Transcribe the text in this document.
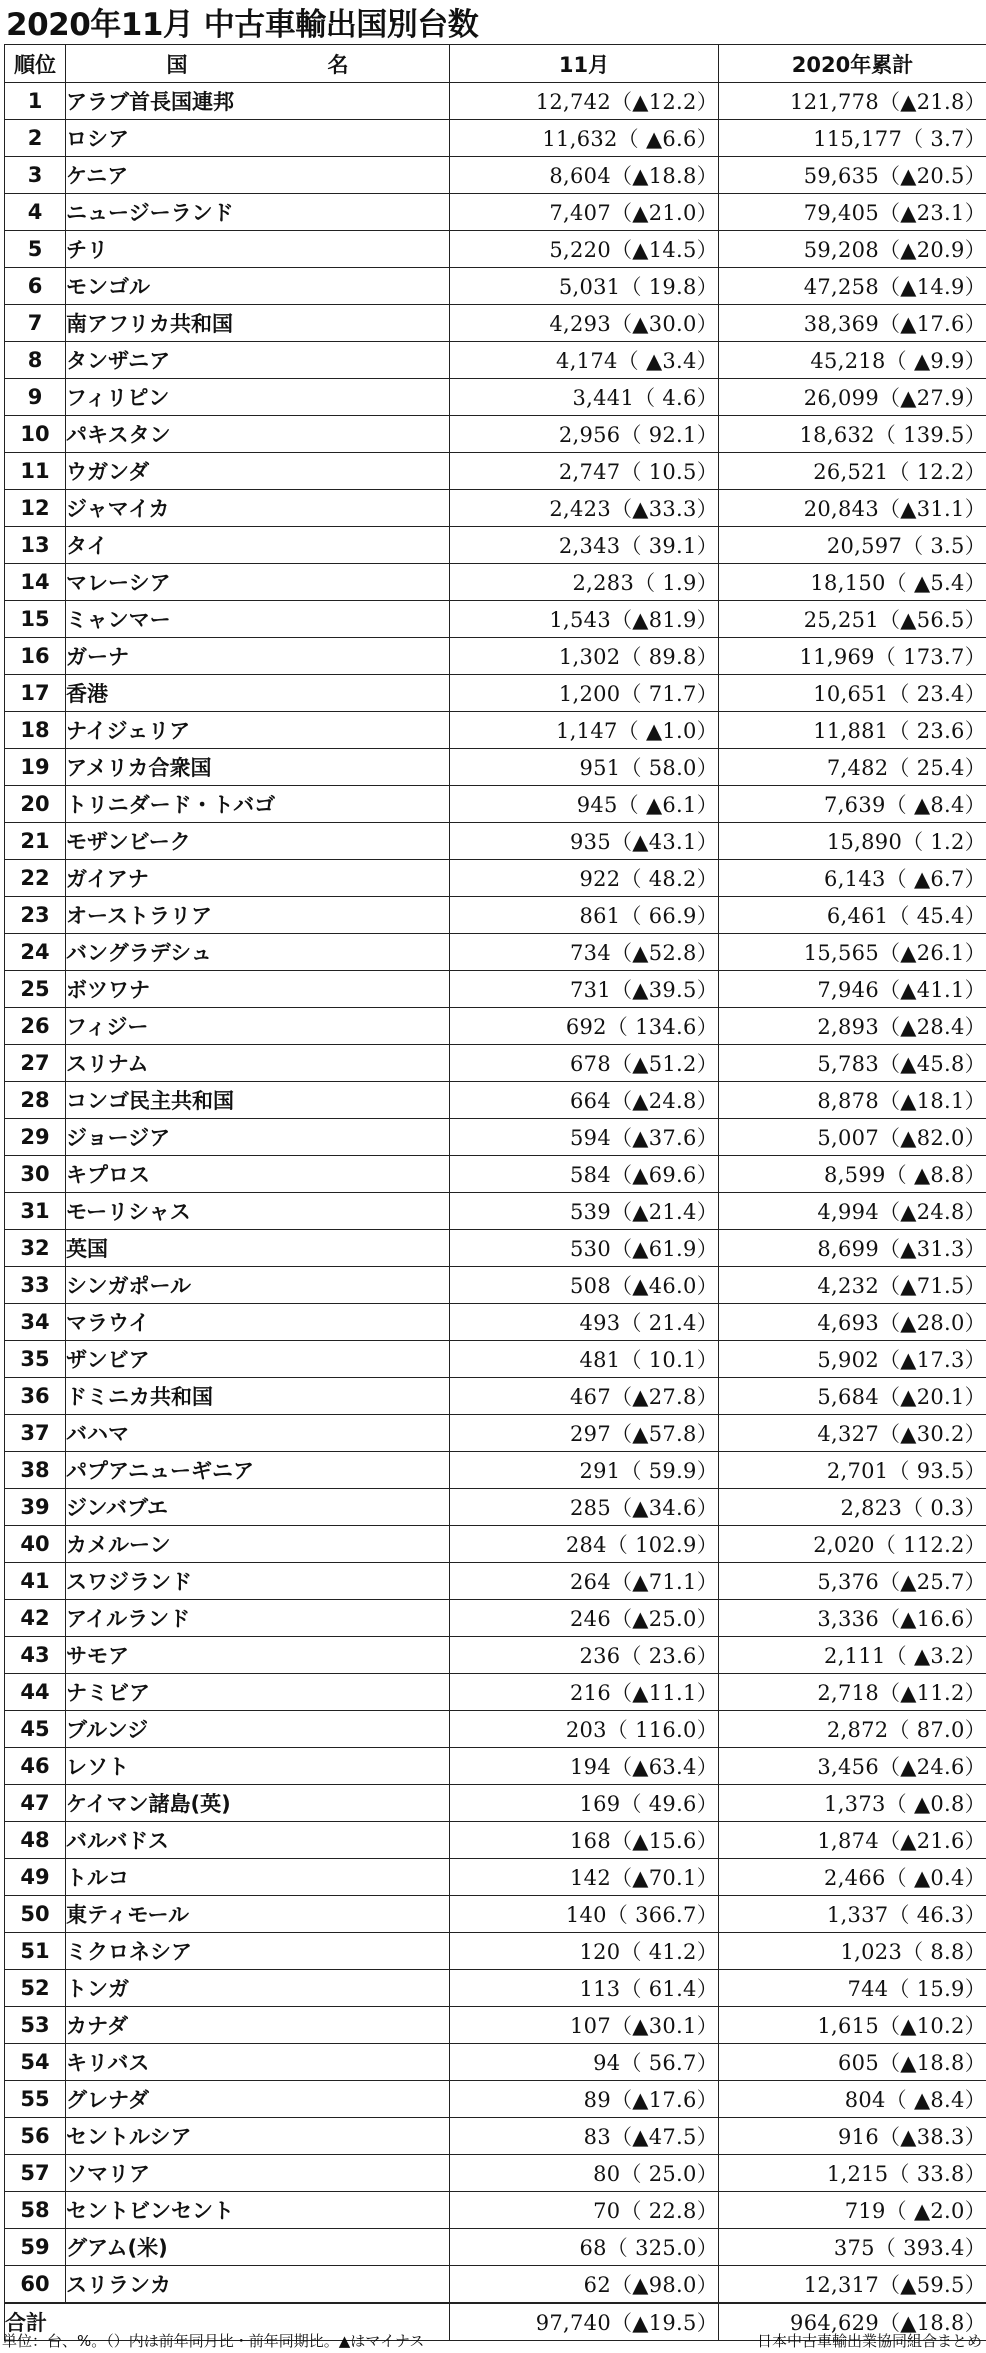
2020年11月 中古車輸出国別台数
順位	国 名	11月	2020年累計
1	アラブ首長国連邦	12,742（▲12.2）	121,778（▲21.8）
2	ロシア	11,632（ ▲6.6）	115,177（ 3.7）
3	ケニア	8,604（▲18.8）	59,635（▲20.5）
4	ニュージーランド	7,407（▲21.0）	79,405（▲23.1）
5	チリ	5,220（▲14.5）	59,208（▲20.9）
6	モンゴル	5,031（ 19.8）	47,258（▲14.9）
7	南アフリカ共和国	4,293（▲30.0）	38,369（▲17.6）
8	タンザニア	4,174（ ▲3.4）	45,218（ ▲9.9）
9	フィリピン	3,441（ 4.6）	26,099（▲27.9）
10	パキスタン	2,956（ 92.1）	18,632（ 139.5）
11	ウガンダ	2,747（ 10.5）	26,521（ 12.2）
12	ジャマイカ	2,423（▲33.3）	20,843（▲31.1）
13	タイ	2,343（ 39.1）	20,597（ 3.5）
14	マレーシア	2,283（ 1.9）	18,150（ ▲5.4）
15	ミャンマー	1,543（▲81.9）	25,251（▲56.5）
16	ガーナ	1,302（ 89.8）	11,969（ 173.7）
17	香港	1,200（ 71.7）	10,651（ 23.4）
18	ナイジェリア	1,147（ ▲1.0）	11,881（ 23.6）
19	アメリカ合衆国	951（ 58.0）	7,482（ 25.4）
20	トリニダード・トバゴ	945（ ▲6.1）	7,639（ ▲8.4）
21	モザンビーク	935（▲43.1）	15,890（ 1.2）
22	ガイアナ	922（ 48.2）	6,143（ ▲6.7）
23	オーストラリア	861（ 66.9）	6,461（ 45.4）
24	バングラデシュ	734（▲52.8）	15,565（▲26.1）
25	ボツワナ	731（▲39.5）	7,946（▲41.1）
26	フィジー	692（ 134.6）	2,893（▲28.4）
27	スリナム	678（▲51.2）	5,783（▲45.8）
28	コンゴ民主共和国	664（▲24.8）	8,878（▲18.1）
29	ジョージア	594（▲37.6）	5,007（▲82.0）
30	キプロス	584（▲69.6）	8,599（ ▲8.8）
31	モーリシャス	539（▲21.4）	4,994（▲24.8）
32	英国	530（▲61.9）	8,699（▲31.3）
33	シンガポール	508（▲46.0）	4,232（▲71.5）
34	マラウイ	493（ 21.4）	4,693（▲28.0）
35	ザンビア	481（ 10.1）	5,902（▲17.3）
36	ドミニカ共和国	467（▲27.8）	5,684（▲20.1）
37	バハマ	297（▲57.8）	4,327（▲30.2）
38	パプアニューギニア	291（ 59.9）	2,701（ 93.5）
39	ジンバブエ	285（▲34.6）	2,823（ 0.3）
40	カメルーン	284（ 102.9）	2,020（ 112.2）
41	スワジランド	264（▲71.1）	5,376（▲25.7）
42	アイルランド	246（▲25.0）	3,336（▲16.6）
43	サモア	236（ 23.6）	2,111（ ▲3.2）
44	ナミビア	216（▲11.1）	2,718（▲11.2）
45	ブルンジ	203（ 116.0）	2,872（ 87.0）
46	レソト	194（▲63.4）	3,456（▲24.6）
47	ケイマン諸島(英)	169（ 49.6）	1,373（ ▲0.8）
48	バルバドス	168（▲15.6）	1,874（▲21.6）
49	トルコ	142（▲70.1）	2,466（ ▲0.4）
50	東ティモール	140（ 366.7）	1,337（ 46.3）
51	ミクロネシア	120（ 41.2）	1,023（ 8.8）
52	トンガ	113（ 61.4）	744（ 15.9）
53	カナダ	107（▲30.1）	1,615（▲10.2）
54	キリバス	94（ 56.7）	605（▲18.8）
55	グレナダ	89（▲17.6）	804（ ▲8.4）
56	セントルシア	83（▲47.5）	916（▲38.3）
57	ソマリア	80（ 25.0）	1,215（ 33.8）
58	セントビンセント	70（ 22.8）	719（ ▲2.0）
59	グアム(米)	68（ 325.0）	375（ 393.4）
60	スリランカ	62（▲98.0）	12,317（▲59.5）
合計		97,740（▲19.5）	964,629（▲18.8）
単位：台、%。（）内は前年同月比・前年同期比。▲はマイナス	日本中古車輸出業協同組合まとめ
